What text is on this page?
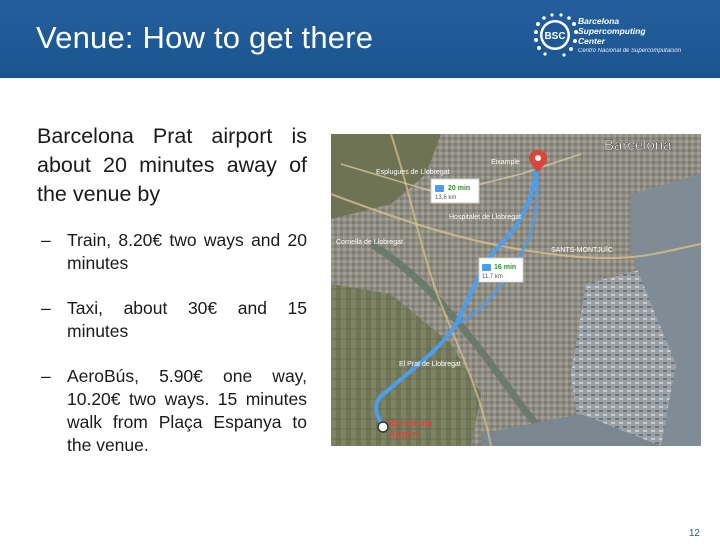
Venue: How to get there	BSC
Barcelona
Supercomputing
Center
Centro Nacional de Supercomputación

Barcelona Prat airport is about 20 minutes away of the venue by

– Train, 8.20€ two ways and 20 minutes
– Taxi, about 30€ and 15 minutes
– AeroBús, 5.90€ one way, 10.20€ two ways. 15 minutes walk from Plaça Espanya to the venue.
20 min
13,6 km
16 min
11,7 km
Barcelona
Esplugues de Llobregat
Hospitalet de Llobregat
Cornellà de Llobregat
El Prat de Llobregat
SANTS-MONTJUÏC
Eixample
Barcelona
Airport
12
